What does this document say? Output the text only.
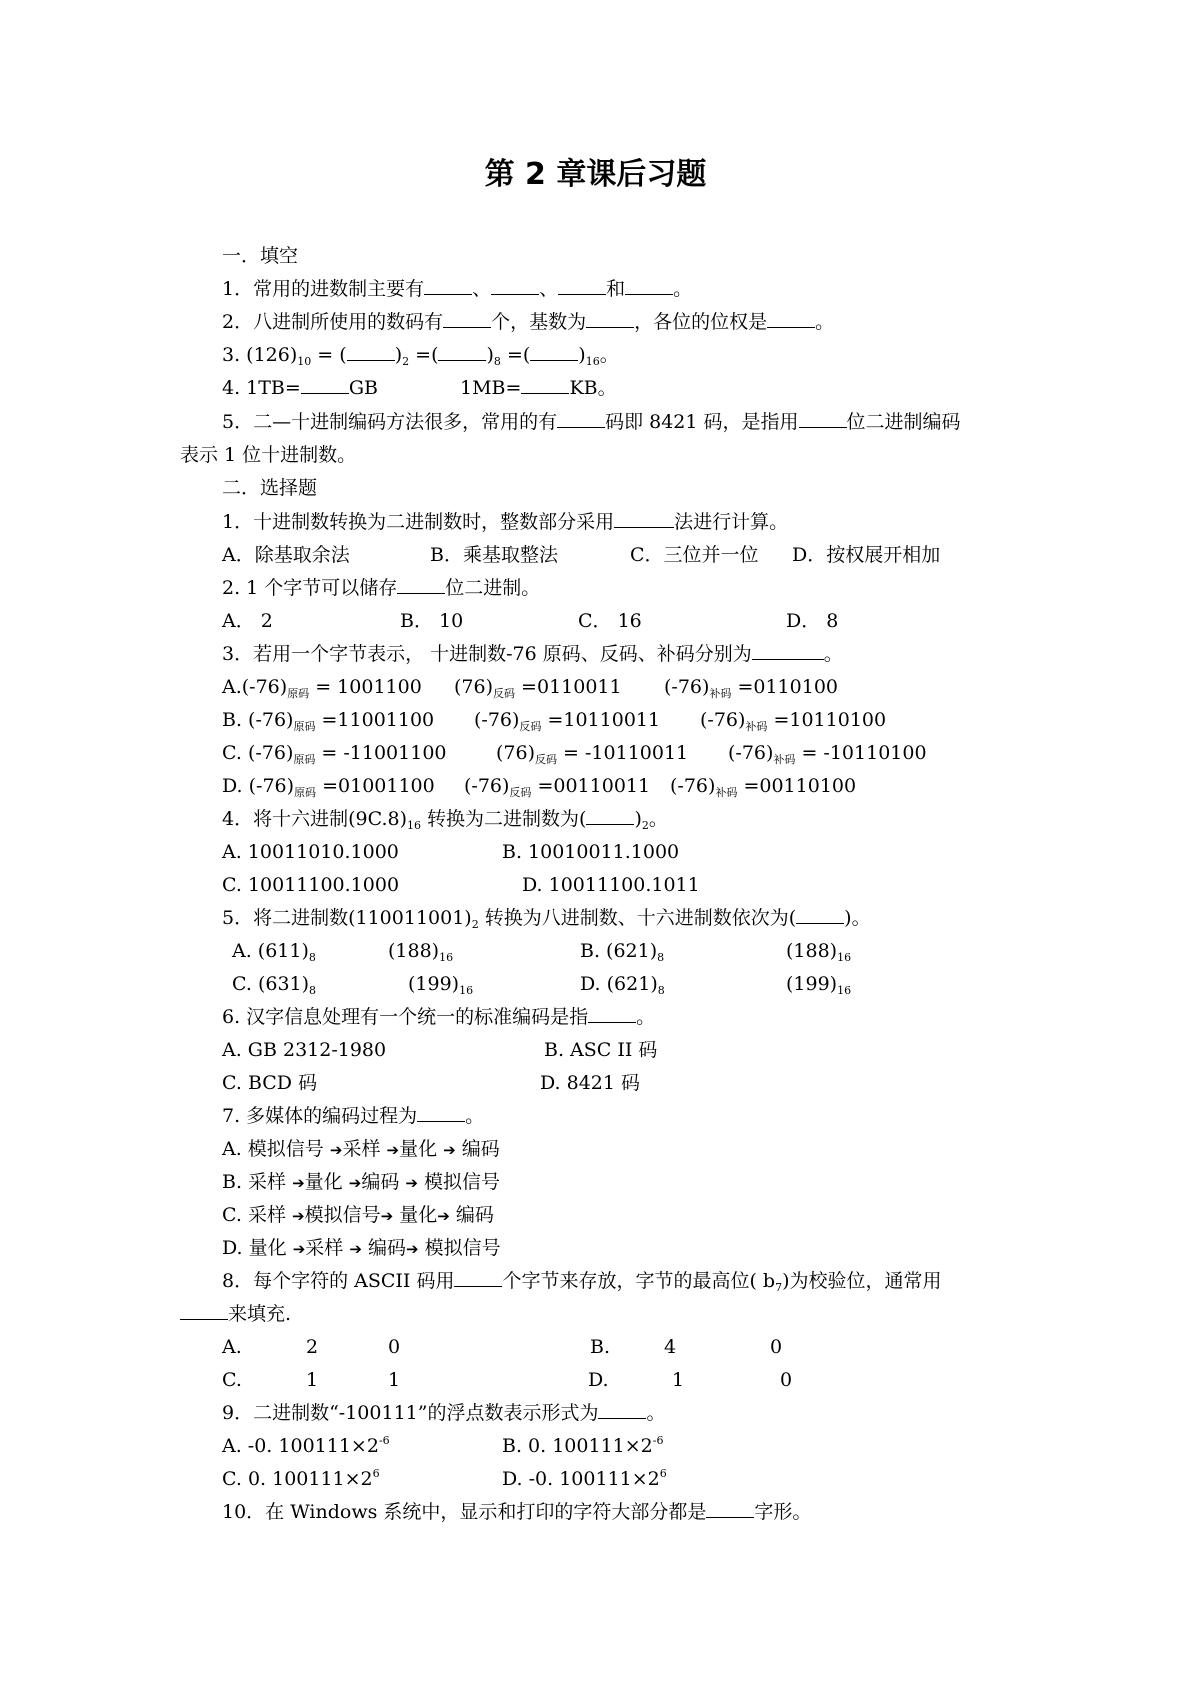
第 2 章课后习题
一．填空
1．常用的进数制主要有	、	、	和	。
2．八进制所使用的数码有	个，基数为	，各位的位权是	。
3. $(126)_{10}$ = (	)$_2$ =(	)$_8$ =(	)$_{16}$。
4. 1TB=	GB	1MB=	KB。
5．二—十进制编码方法很多，常用的有	码即 8421 码，是指用	位二进制编码
表示 1 位十进制数。
二．选择题
1．十进制数转换为二进制数时，整数部分采用	法进行计算。
A．除基取余法	B．乘基取整法	C．三位并一位 D．按权展开相加
2. 1 个字节可以储存	位二进制。
A． 2	B． 10	C． 16	D． 8
3．若用一个字节表示， 十进制数-76 原码、反码、补码分别为	。
$A.(-76)_{原码} = 1001100$ $(76)_{反码} =0110011$ $(-76)_{补码} =0110100$
B. $(-76)_{原码} =11001100$ $(-76)_{反码} =10110011$ $(-76)_{补码} =10110100$
C. $(-76)_{原码} = -11001100$	$(76)_{反码} = -10110011$ $(-76)_{补码} = -10110100$
D. $(-76)_{原码} =01001100$ $(-76)_{反码} =00110011$ $(-76)_{补码} =00110100$
4．将十六进制$(9C.8)_{16}$ 转换为二进制数为(	)$_2$。
A. 10011010.1000	B. 10010011.1000
C. 10011100.1000	D. 10011100.1011
5．将二进制数$(110011001)_2$ 转换为八进制数、十六进制数依次为(	)。
A. $(611)_8$	$(188)_{16}$	B. $(621)_8$	$(188)_{16}$
C. $(631)_8$	$(199)_{16}$	D. $(621)_8$	$(199)_{16}$
6. 汉字信息处理有一个统一的标准编码是指	。
A. GB 2312-1980	B. ASC II 码
C. BCD 码	D. 8421 码
7. 多媒体的编码过程为	。
A. 模拟信号 ➔采样 ➔量化 ➔ 编码
B. 采样 ➔量化 ➔编码 ➔ 模拟信号
C. 采样 ➔模拟信号➔ 量化➔ 编码
D. 量化 ➔采样 ➔ 编码➔ 模拟信号
8．每个字符的 ASCII 码用	个字节来存放，字节的最高位( $b_7$)为校验位，通常用
来填充.
A.	2	0	B.	4	0
C.	1	1	D.	1	0
9．二进制数“-100111”的浮点数表示形式为	。
A. -0. $100111\times 2^{-6}$	B. 0. $100111\times 2^{-6}$
C. 0. $100111\times 2^6$	D. -0. $100111\times 2^6$
10．在 Windows 系统中，显示和打印的字符大部分都是	字形。
